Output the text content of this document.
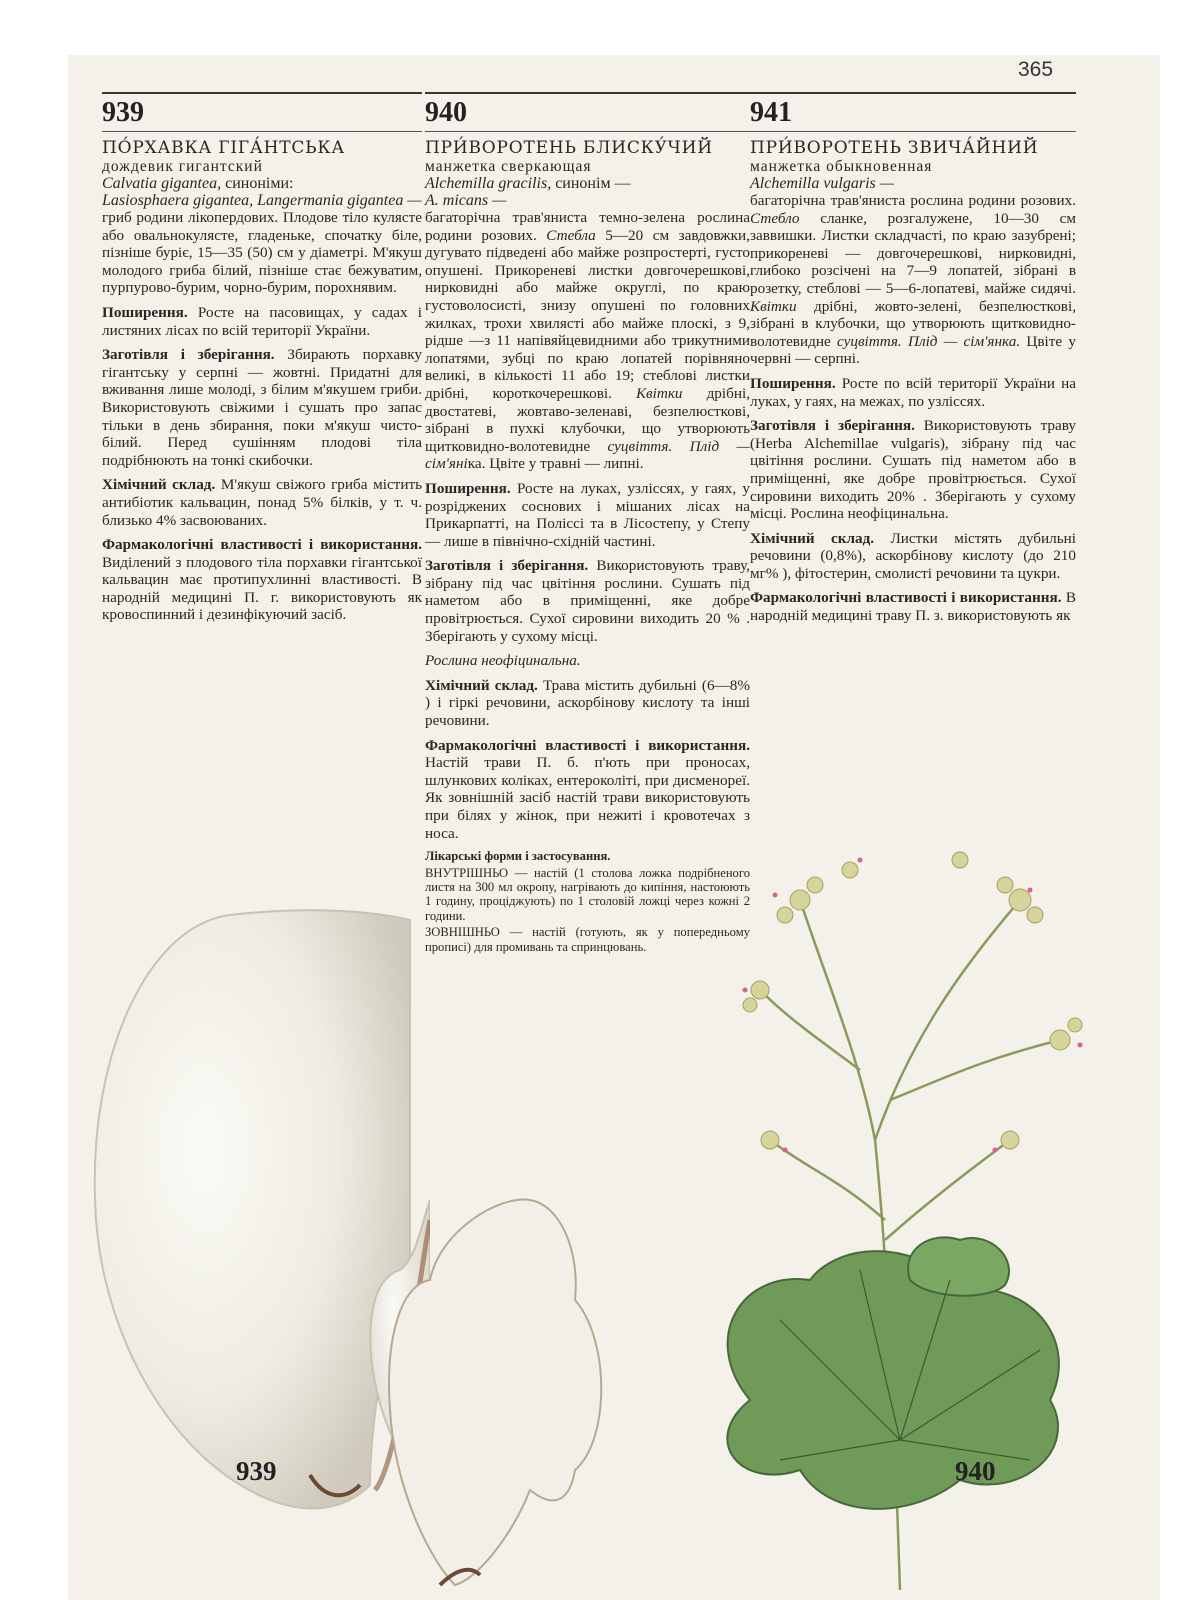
365
939
ПО́РХАВКА ГІГА́НТСЬКА
дождевик гигантский
Calvatia gigantea, синоніми:
Lasiosphaera gigantea, Langermania gigantea —

гриб родини лікопердових. Плодове тіло кулясте або овальнокулясте, гладеньке, спочатку біле, пізніше буріє, 15—35 (50) см у діаметрі. М'якуш молодого гриба білий, пізніше стає бежуватим, пурпурово-бурим, чорно-бурим, порохнявим.

Поширення. Росте на пасовищах, у садах і листяних лісах по всій території України.

Заготівля і зберігання. Збирають порхавку гігантську у серпні — жовтні. Придатні для вживання лише молоді, з білим м'якушем гриби. Використовують свіжими і сушать про запас тільки в день збирання, поки м'якуш чисто-білий. Перед сушінням плодові тіла подрібнюють на тонкі скибочки.

Хімічний склад. М'якуш свіжого гриба містить антибіотик кальвацин, понад 5% білків, у т. ч. близько 4% засвоюваних.

Фармакологічні властивості і використання. Виділений з плодового тіла порхавки гігантської кальвацин має протипухлинні властивості. В народній медицині П. г. використовують як кровоспинний і дезинфікуючий засіб.

940
ПРИ́ВОРОТЕНЬ БЛИСКУ́ЧИЙ
манжетка сверкающая
Alchemilla gracilis, синонім —
A. micans —

багаторічна трав'яниста темно-зелена рослина родини розових. Стебла 5—20 см завдовжки, дугувато підведені або майже розпростерті, густо опушені. Прикореневі листки довгочерешкові, нирковидні або майже округлі, по краю густоволосисті, знизу опушені по головних жилках, трохи хвилясті або майже плоскі, з 9, рідше —з 11 напівяйцевидними або трикутними лопатями, зубці по краю лопатей порівняно великі, в кількості 11 або 19; стеблові листки дрібні, короткочерешкові. Квітки дрібні, двостатеві, жовтаво-зеленаві, безпелюсткові, зібрані в пухкі клубочки, що утворюють щитковидно-волотевидне суцвіття. Плід — сім'яніка. Цвіте у травні — липні.

Поширення. Росте на луках, узліссях, у гаях, у розріджених соснових і мішаних лісах на Прикарпатті, на Поліссі та в Лісостепу, у Степу — лише в північно-східній частині.

Заготівля і зберігання. Використовують траву, зібрану під час цвітіння рослини. Сушать під наметом або в приміщенні, яке добре провітрюється. Сухої сировини виходить 20 % . Зберігають у сухому місці.

Рослина неофіцинальна.

Хімічний склад. Трава містить дубильні (6—8% ) і гіркі речовини, аскорбінову кислоту та інші речовини.

Фармакологічні властивості і використання. Настій трави П. б. п'ють при проносах, шлункових коліках, ентероколіті, при дисменореї. Як зовнішній засіб настій трави використовують при білях у жінок, при нежиті і кровотечах з носа.

Лікарські форми і застосування.

ВНУТРІШНЬО — настій (1 столова ложка подрібненого листя на 300 мл окропу, нагрівають до кипіння, настоюють 1 годину, проціджують) по 1 столовій ложці через кожні 2 години.

ЗОВНІШНЬО — настій (готують, як у попередньому прописі) для промивань та спринцювань.

941
ПРИ́ВОРОТЕНЬ ЗВИЧА́ЙНИЙ
манжетка обыкновенная
Alchemilla vulgaris —

багаторічна трав'яниста рослина родини розових. Стебло сланке, розгалужене, 10—30 см заввишки. Листки складчасті, по краю зазубрені; прикореневі — довгочерешкові, нирковидні, глибоко розсічені на 7—9 лопатей, зібрані в розетку, стеблові — 5—6-лопатеві, майже сидячі. Квітки дрібні, жовто-зелені, безпелюсткові, зібрані в клубочки, що утворюють щитковидно-волотевидне суцвіття. Плід — сім'янка. Цвіте у червні — серпні.

Поширення. Росте по всій території України на луках, у гаях, на межах, по узліссях.

Заготівля і зберігання. Використовують траву (Herba Alchemillae vulgaris), зібрану під час цвітіння рослини. Сушать під наметом або в приміщенні, яке добре провітрюється. Сухої сировини виходить 20% . Зберігають у сухому місці. Рослина неофіцинальна.

Хімічний склад. Листки містять дубильні речовини (0,8%), аскорбінову кислоту (до 210 мг% ), фітостерин, смолисті речовини та цукри.

Фармакологічні властивості і використання. В народній медицині траву П. з. використовують як

939	940
